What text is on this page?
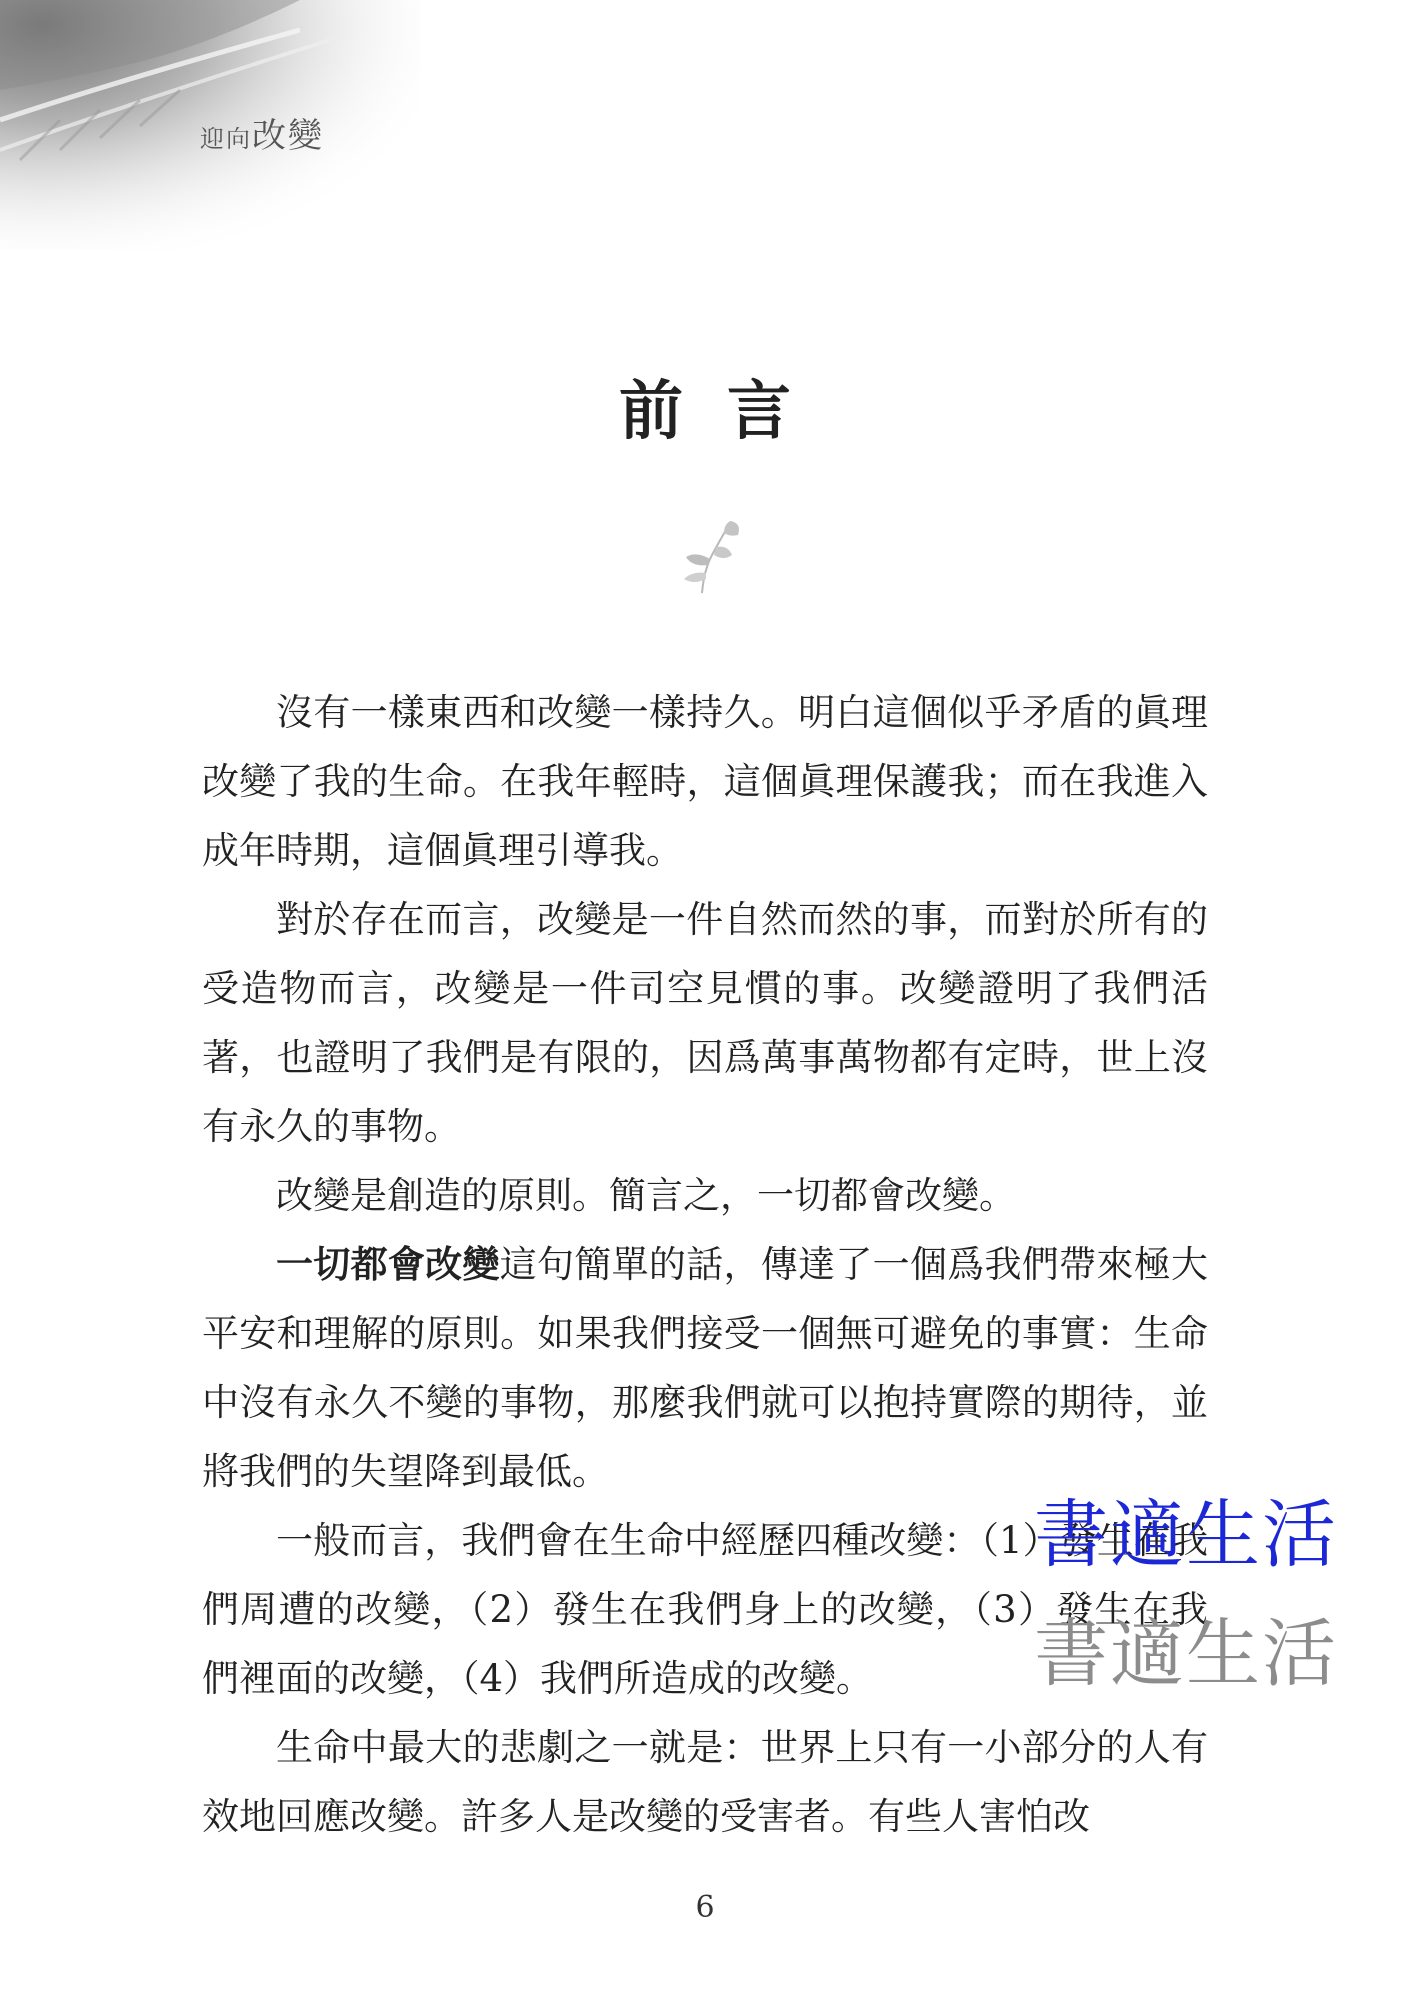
迎向改變
前言

沒有一樣東西和改變一樣持久。明白這個似乎矛盾的眞理改變了我的生命。在我年輕時，這個眞理保護我；而在我進入成年時期，這個眞理引導我。

對於存在而言，改變是一件自然而然的事，而對於所有的受造物而言，改變是一件司空見慣的事。改變證明了我們活著，也證明了我們是有限的，因爲萬事萬物都有定時，世上沒有永久的事物。

改變是創造的原則。簡言之，一切都會改變。

一切都會改變這句簡單的話，傳達了一個爲我們帶來極大平安和理解的原則。如果我們接受一個無可避免的事實：生命中沒有永久不變的事物，那麼我們就可以抱持實際的期待，並將我們的失望降到最低。

一般而言，我們會在生命中經歷四種改變：（1）發生在我們周遭的改變，（2）發生在我們身上的改變，（3）發生在我們裡面的改變，（4）我們所造成的改變。

生命中最大的悲劇之一就是：世界上只有一小部分的人有效地回應改變。許多人是改變的受害者。有些人害怕改

書適生活
書適生活
6
